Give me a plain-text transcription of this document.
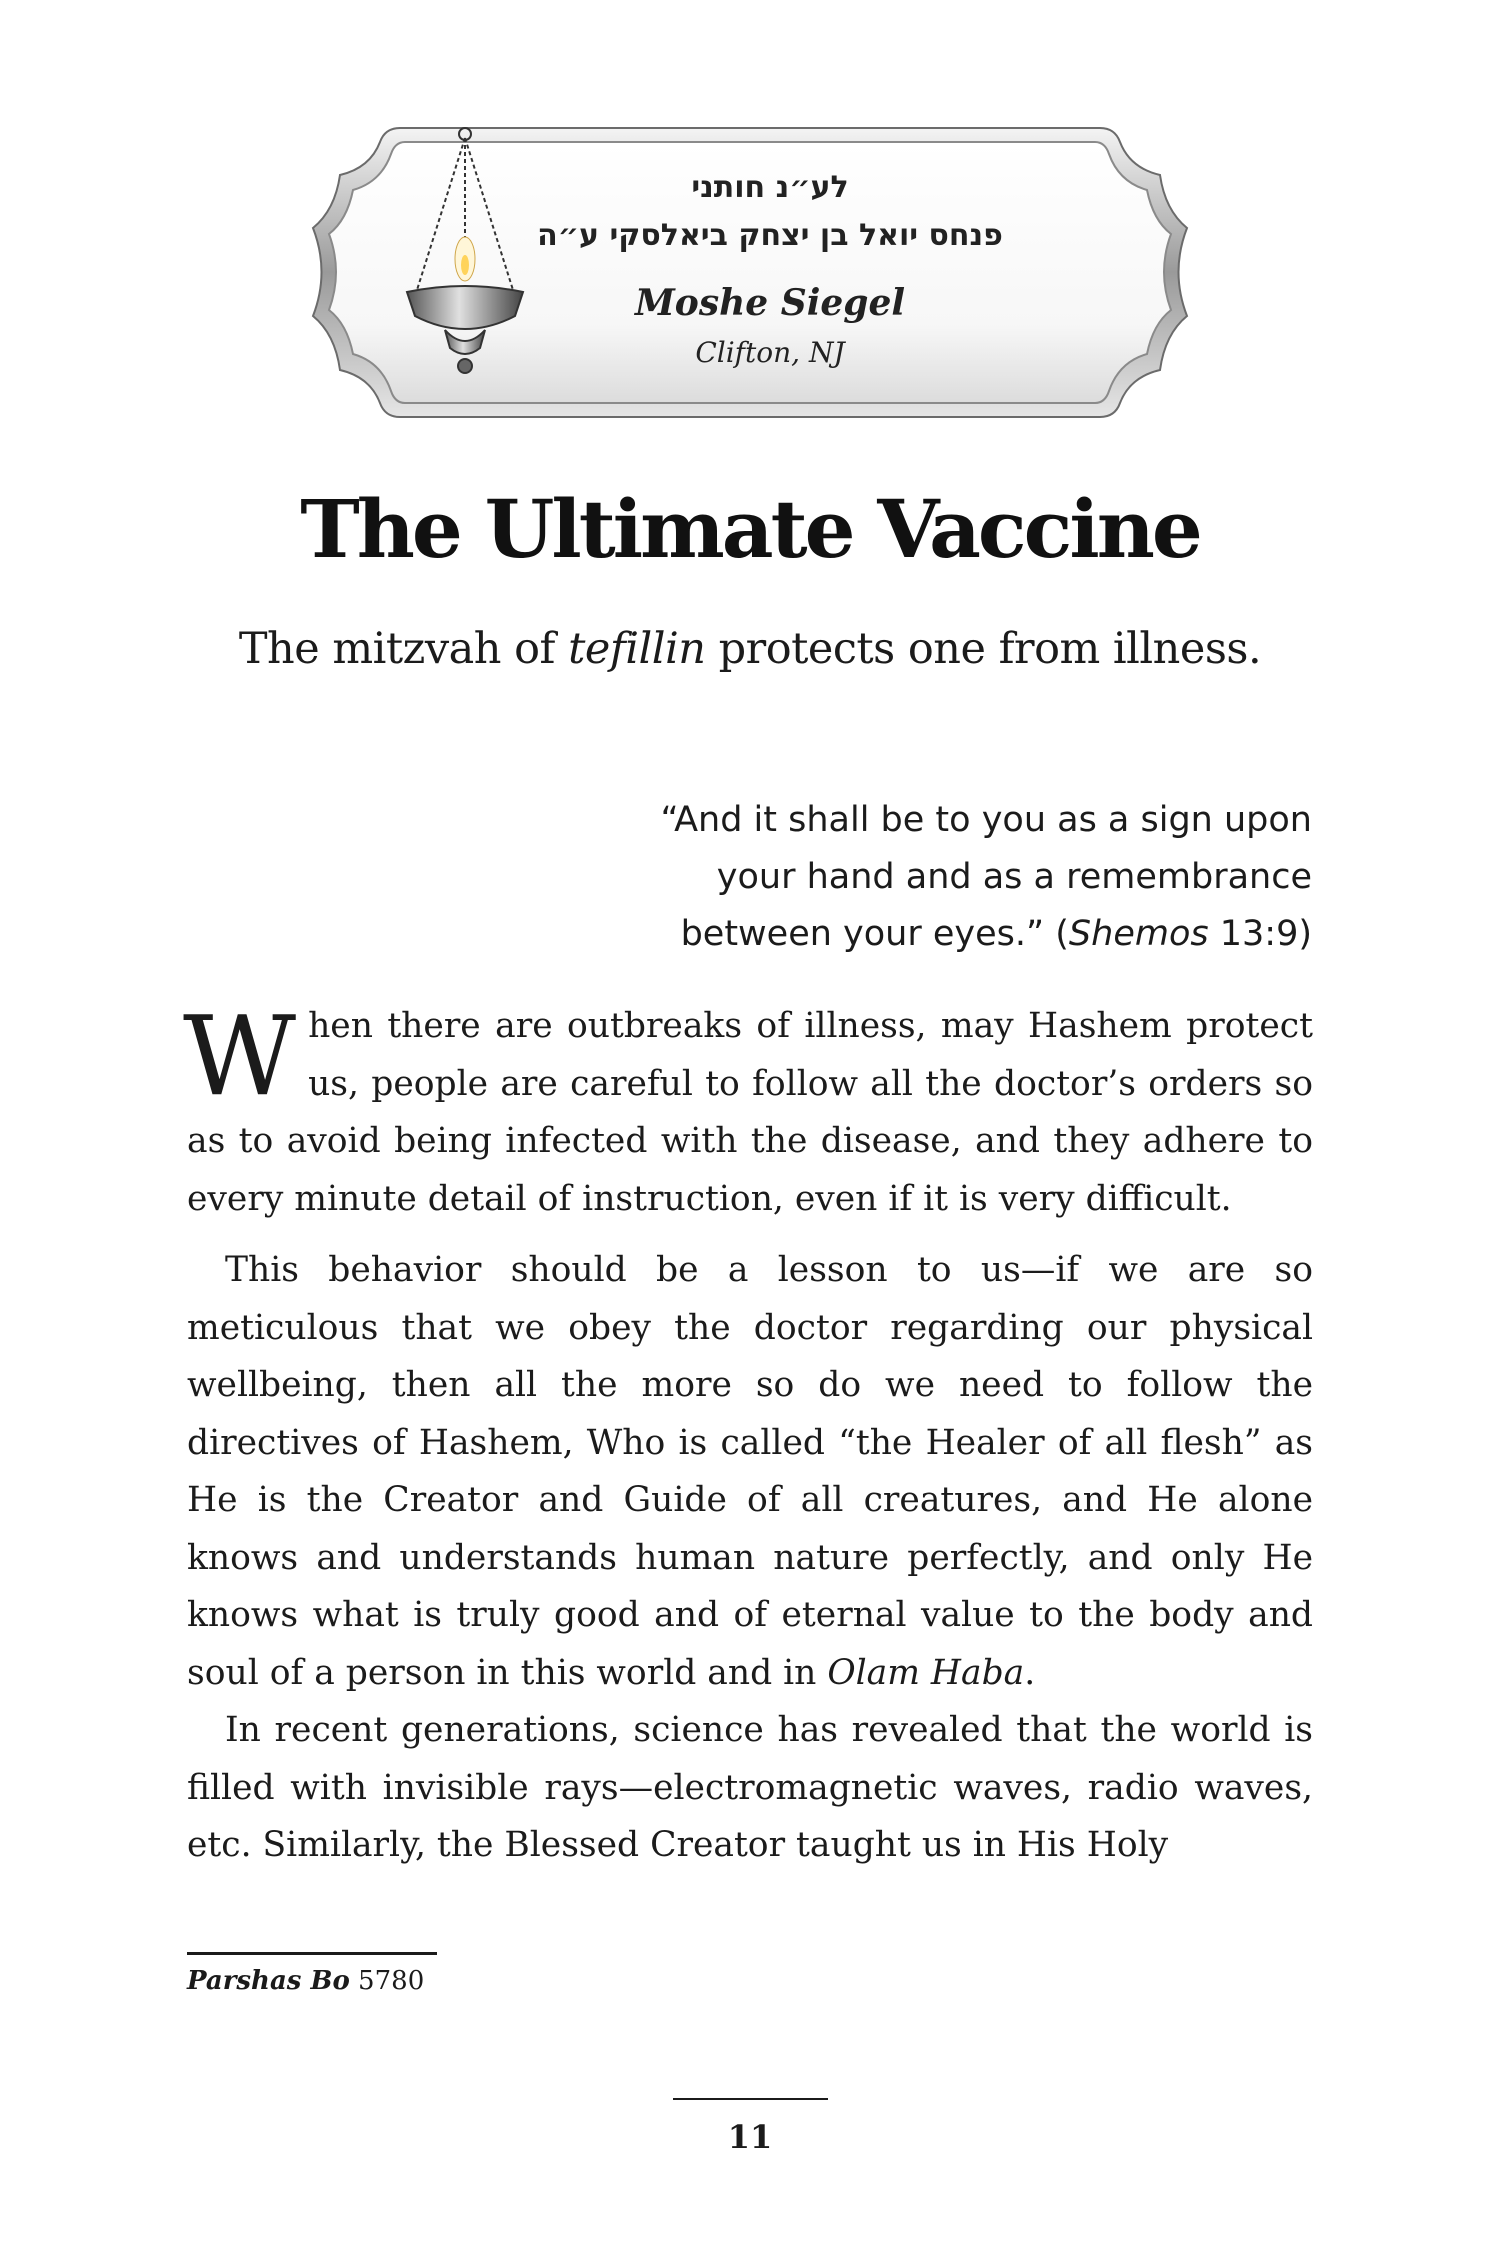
לע״נ חותני
פנחס יואל בן יצחק ביאלסקי ע״ה
Moshe Siegel
Clifton, NJ
The Ultimate Vaccine
The mitzvah of tefillin protects one from illness.
“And it shall be to you as a sign upon
your hand and as a remembrance
between your eyes.” (Shemos 13:9)

When there are outbreaks of illness, may Hashem protect us, people are careful to follow all the doctor’s orders so as to avoid being infected with the disease, and they adhere to every minute detail of instruction, even if it is very difficult.

This behavior should be a lesson to us—if we are so meticulous that we obey the doctor regarding our physical wellbeing, then all the more so do we need to follow the directives of Hashem, Who is called “the Healer of all flesh” as He is the Creator and Guide of all creatures, and He alone knows and understands human nature perfectly, and only He knows what is truly good and of eternal value to the body and soul of a person in this world and in Olam Haba.

In recent generations, science has revealed that the world is filled with invisible rays—electromagnetic waves, radio waves, etc. Similarly, the Blessed Creator taught us in His Holy

Parshas Bo 5780
11
